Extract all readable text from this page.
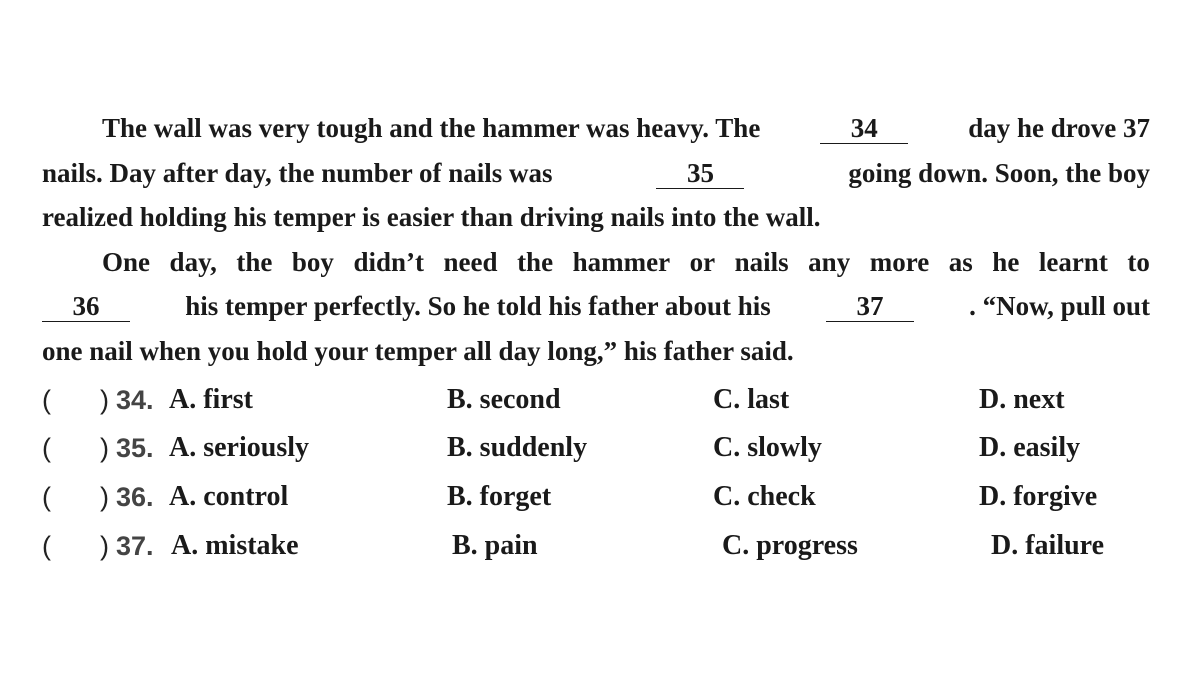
The wall was very tough and the hammer was heavy. The	34	day he drove 37
nails. Day after day, the number of nails was	35	going down. Soon, the boy
realized holding his temper is easier than driving nails into the wall.
One day, the boy didn’t need the hammer or nails any more as he learnt to
36	his temper perfectly. So he told his father about his	37	. “Now, pull out
one nail when you hold your temper all day long,” his father said.
( ) 34. A. first	B. second	C. last	D. next
( ) 35. A. seriously	B. suddenly	C. slowly	D. easily
( ) 36. A. control	B. forget	C. check	D. forgive
( ) 37. A. mistake	B. pain	C. progress	D. failure
